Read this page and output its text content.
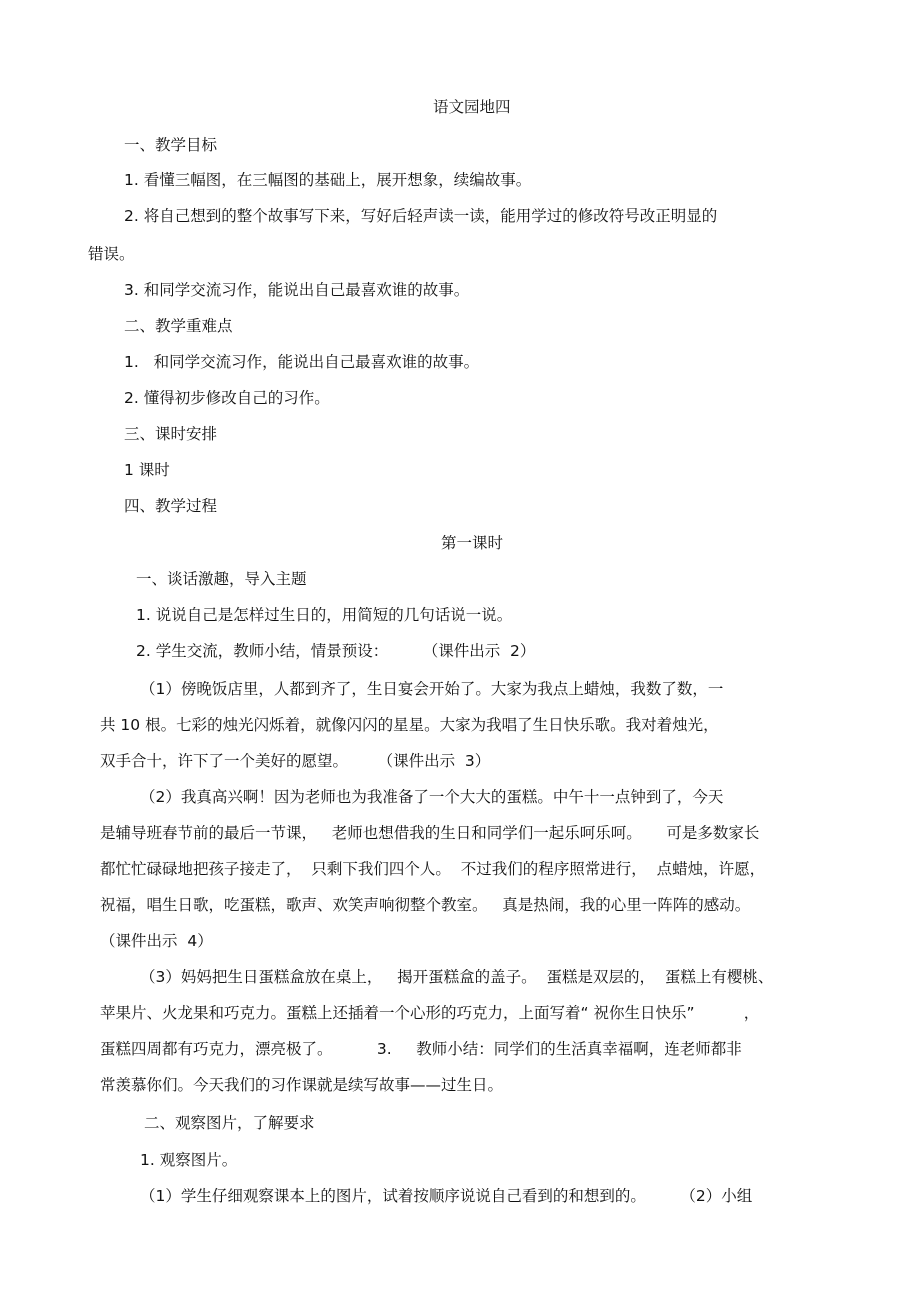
语文园地四
一、教学目标
1. 看懂三幅图，在三幅图的基础上，展开想象，续编故事。
2. 将自己想到的整个故事写下来，写好后轻声读一读，能用学过的修改符号改正明显的
错误。
3. 和同学交流习作，能说出自己最喜欢谁的故事。
二、教学重难点
1.   和同学交流习作，能说出自己最喜欢谁的故事。
2. 懂得初步修改自己的习作。
三、课时安排
1 课时
四、教学过程
第一课时
一、谈话激趣，导入主题
1. 说说自己是怎样过生日的，用简短的几句话说一说。
2. 学生交流，教师小结，情景预设：       （课件出示  2）
（1）傍晚饭店里，人都到齐了，生日宴会开始了。大家为我点上蜡烛，我数了数，一
共 10 根。七彩的烛光闪烁着，就像闪闪的星星。大家为我唱了生日快乐歌。我对着烛光，
双手合十，许下了一个美好的愿望。      （课件出示  3）
（2）我真高兴啊！因为老师也为我准备了一个大大的蛋糕。中午十一点钟到了，今天
是辅导班春节前的最后一节课，   老师也想借我的生日和同学们一起乐呵乐呵。     可是多数家长
都忙忙碌碌地把孩子接走了，  只剩下我们四个人。  不过我们的程序照常进行，  点蜡烛，许愿，
祝福，唱生日歌，吃蛋糕，歌声、欢笑声响彻整个教室。   真是热闹，我的心里一阵阵的感动。
（课件出示  4）
（3）妈妈把生日蛋糕盒放在桌上，   揭开蛋糕盒的盖子。  蛋糕是双层的，  蛋糕上有樱桃、
苹果片、火龙果和巧克力。蛋糕上还插着一个心形的巧克力，上面写着“ 祝你生日快乐”          ，
蛋糕四周都有巧克力，漂亮极了。         3.     教师小结：同学们的生活真幸福啊，连老师都非
常羡慕你们。今天我们的习作课就是续写故事——过生日。
二、观察图片，了解要求
1. 观察图片。
（1）学生仔细观察课本上的图片，试着按顺序说说自己看到的和想到的。       （2）小组
